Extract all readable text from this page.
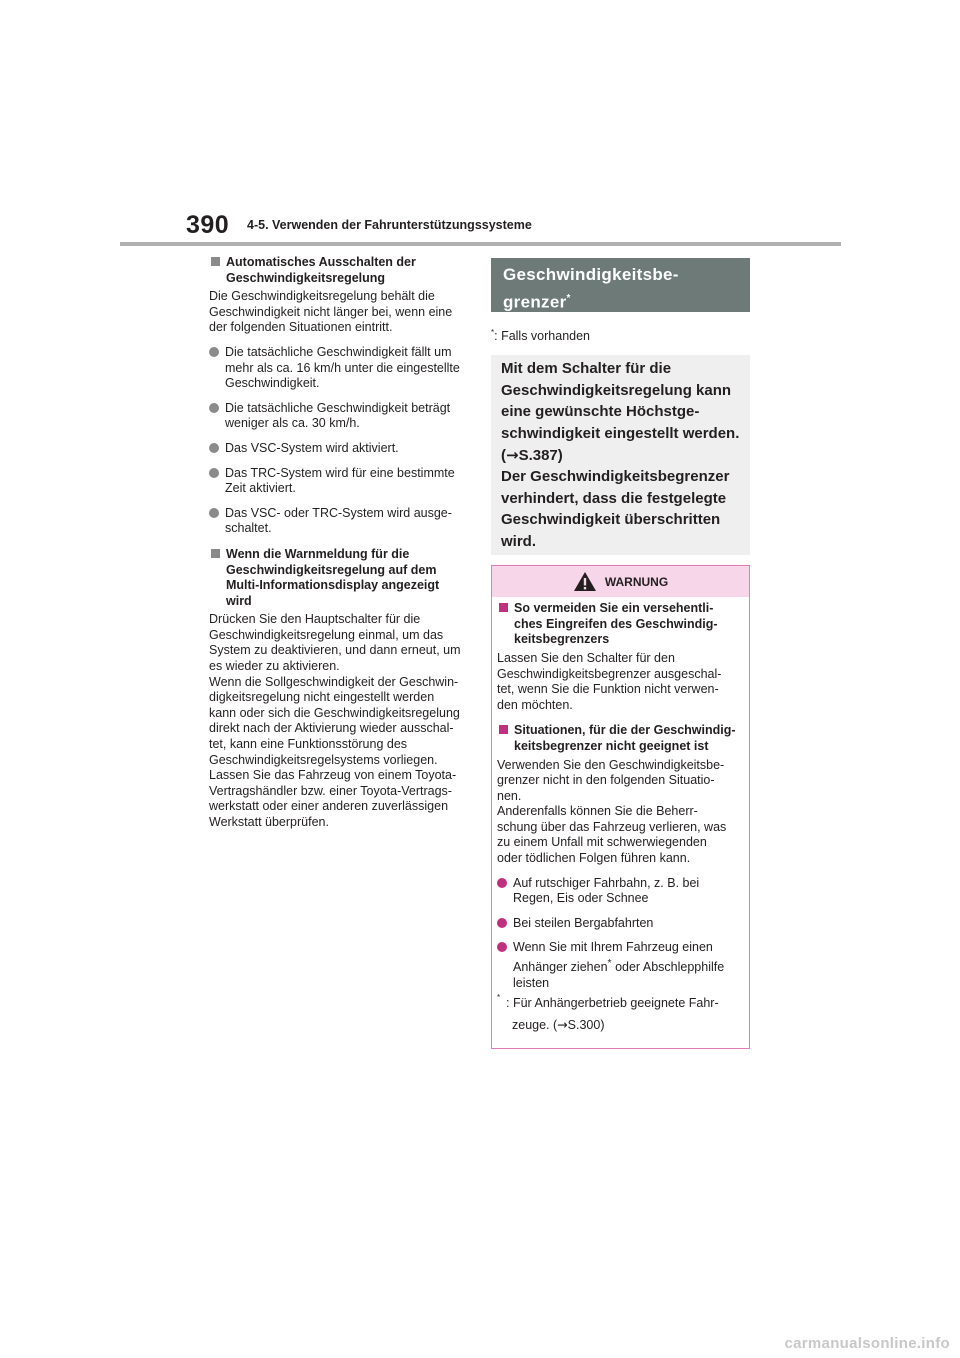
390 4-5. Verwenden der Fahrunterstützungssysteme

Automatisches Ausschalten der Geschwindigkeitsregelung

Die Geschwindigkeitsregelung behält die
Geschwindigkeit nicht länger bei, wenn eine
der folgenden Situationen eintritt.

Die tatsächliche Geschwindigkeit fällt um
mehr als ca. 16 km/h unter die eingestellte
Geschwindigkeit.

Die tatsächliche Geschwindigkeit beträgt
weniger als ca. 30 km/h.

Das VSC-System wird aktiviert.

Das TRC-System wird für eine bestimmte
Zeit aktiviert.

Das VSC- oder TRC-System wird ausge-
schaltet.

Wenn die Warnmeldung für die Geschwindigkeitsregelung auf dem Multi-Informationsdisplay angezeigt wird

Drücken Sie den Hauptschalter für die
Geschwindigkeitsregelung einmal, um das
System zu deaktivieren, und dann erneut, um
es wieder zu aktivieren.
Wenn die Sollgeschwindigkeit der Geschwin-
digkeitsregelung nicht eingestellt werden
kann oder sich die Geschwindigkeitsregelung
direkt nach der Aktivierung wieder ausschal-
tet, kann eine Funktionsstörung des
Geschwindigkeitsregelsystems vorliegen.
Lassen Sie das Fahrzeug von einem Toyota-
Vertragshändler bzw. einer Toyota-Vertrags-
werkstatt oder einer anderen zuverlässigen
Werkstatt überprüfen.

Geschwindigkeitsbe-
grenzer*
*: Falls vorhanden
Mit dem Schalter für die
Geschwindigkeitsregelung kann
eine gewünschte Höchstge-
schwindigkeit eingestellt werden.
(→S.387)
Der Geschwindigkeitsbegrenzer
verhindert, dass die festgelegte
Geschwindigkeit überschritten
wird.
WARNUNG

So vermeiden Sie ein versehentli-
ches Eingreifen des Geschwindig-
keitsbegrenzers

Lassen Sie den Schalter für den
Geschwindigkeitsbegrenzer ausgeschal-
tet, wenn Sie die Funktion nicht verwen-
den möchten.

Situationen, für die der Geschwindig-
keitsbegrenzer nicht geeignet ist

Verwenden Sie den Geschwindigkeitsbe-
grenzer nicht in den folgenden Situatio-
nen.
Anderenfalls können Sie die Beherr-
schung über das Fahrzeug verlieren, was
zu einem Unfall mit schwerwiegenden
oder tödlichen Folgen führen kann.

Auf rutschiger Fahrbahn, z. B. bei
Regen, Eis oder Schnee

Bei steilen Bergabfahrten

Wenn Sie mit Ihrem Fahrzeug einen
Anhänger ziehen* oder Abschlepphilfe
leisten

* : Für Anhängerbetrieb geeignete Fahr-
zeuge. (→S.300)
carmanualsonline.info
